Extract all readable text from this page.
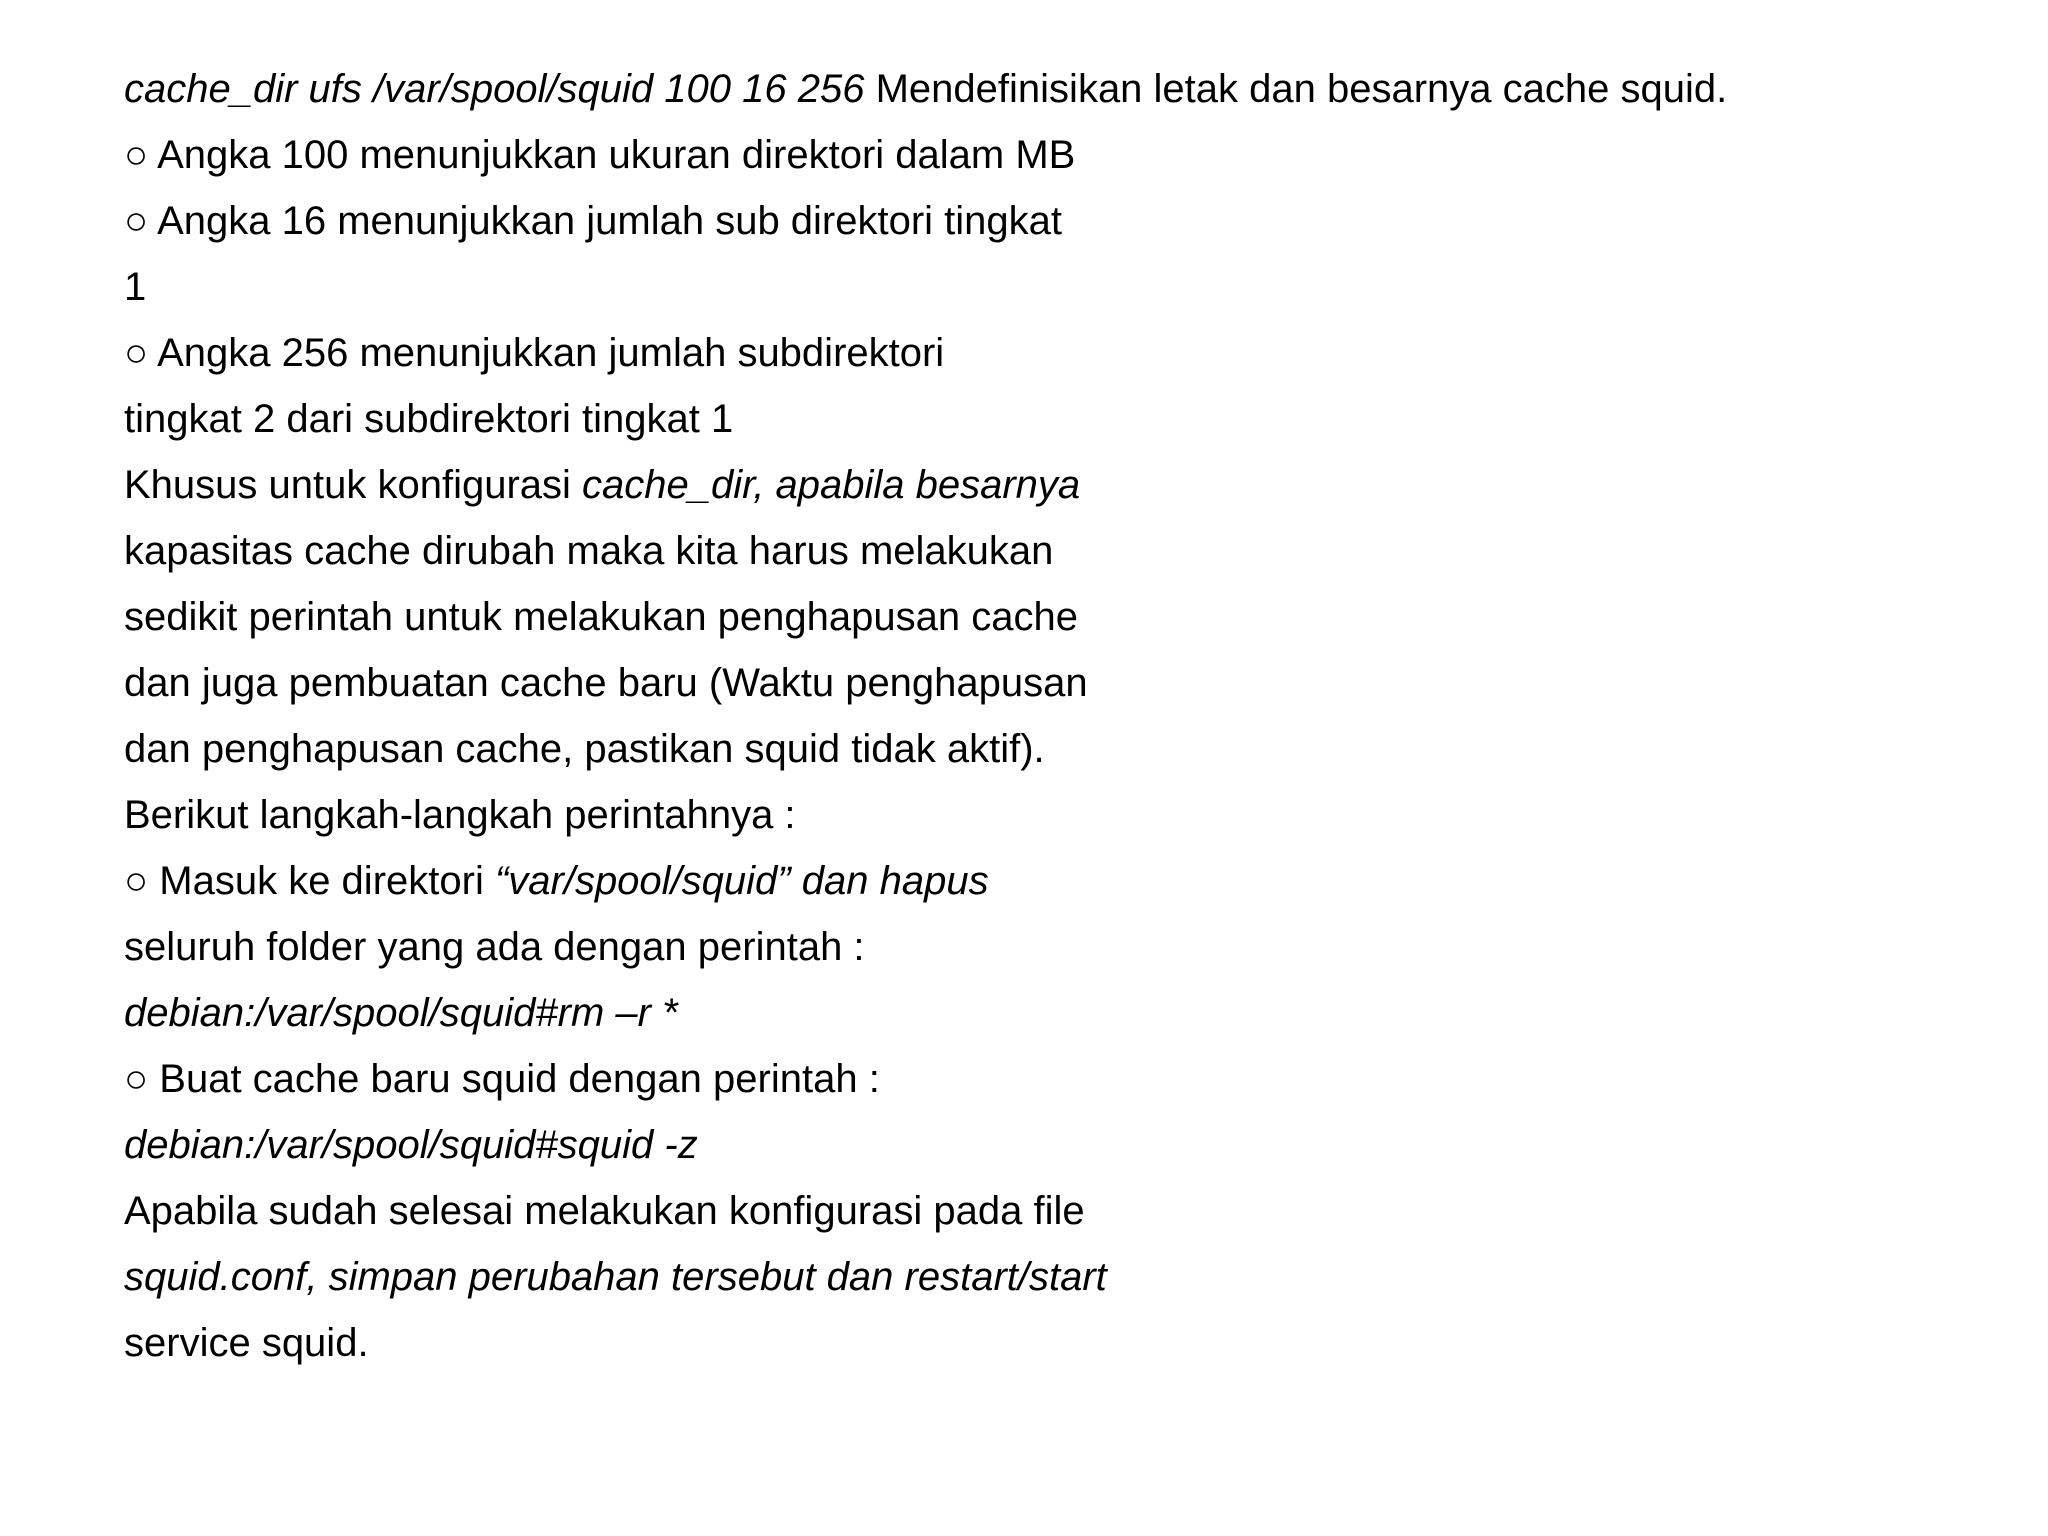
cache_dir ufs /var/spool/squid 100 16 256 Mendefinisikan letak dan besarnya cache squid.
○ Angka 100 menunjukkan ukuran direktori dalam MB
○ Angka 16 menunjukkan jumlah sub direktori tingkat
1
○ Angka 256 menunjukkan jumlah subdirektori
tingkat 2 dari subdirektori tingkat 1
Khusus untuk konfigurasi cache_dir, apabila besarnya
kapasitas cache dirubah maka kita harus melakukan
sedikit perintah untuk melakukan penghapusan cache
dan juga pembuatan cache baru (Waktu penghapusan
dan penghapusan cache, pastikan squid tidak aktif).
Berikut langkah-langkah perintahnya :
○ Masuk ke direktori “var/spool/squid” dan hapus
seluruh folder yang ada dengan perintah :
debian:/var/spool/squid#rm –r *
○ Buat cache baru squid dengan perintah :
debian:/var/spool/squid#squid -z
Apabila sudah selesai melakukan konfigurasi pada file
squid.conf, simpan perubahan tersebut dan restart/start
service squid.
